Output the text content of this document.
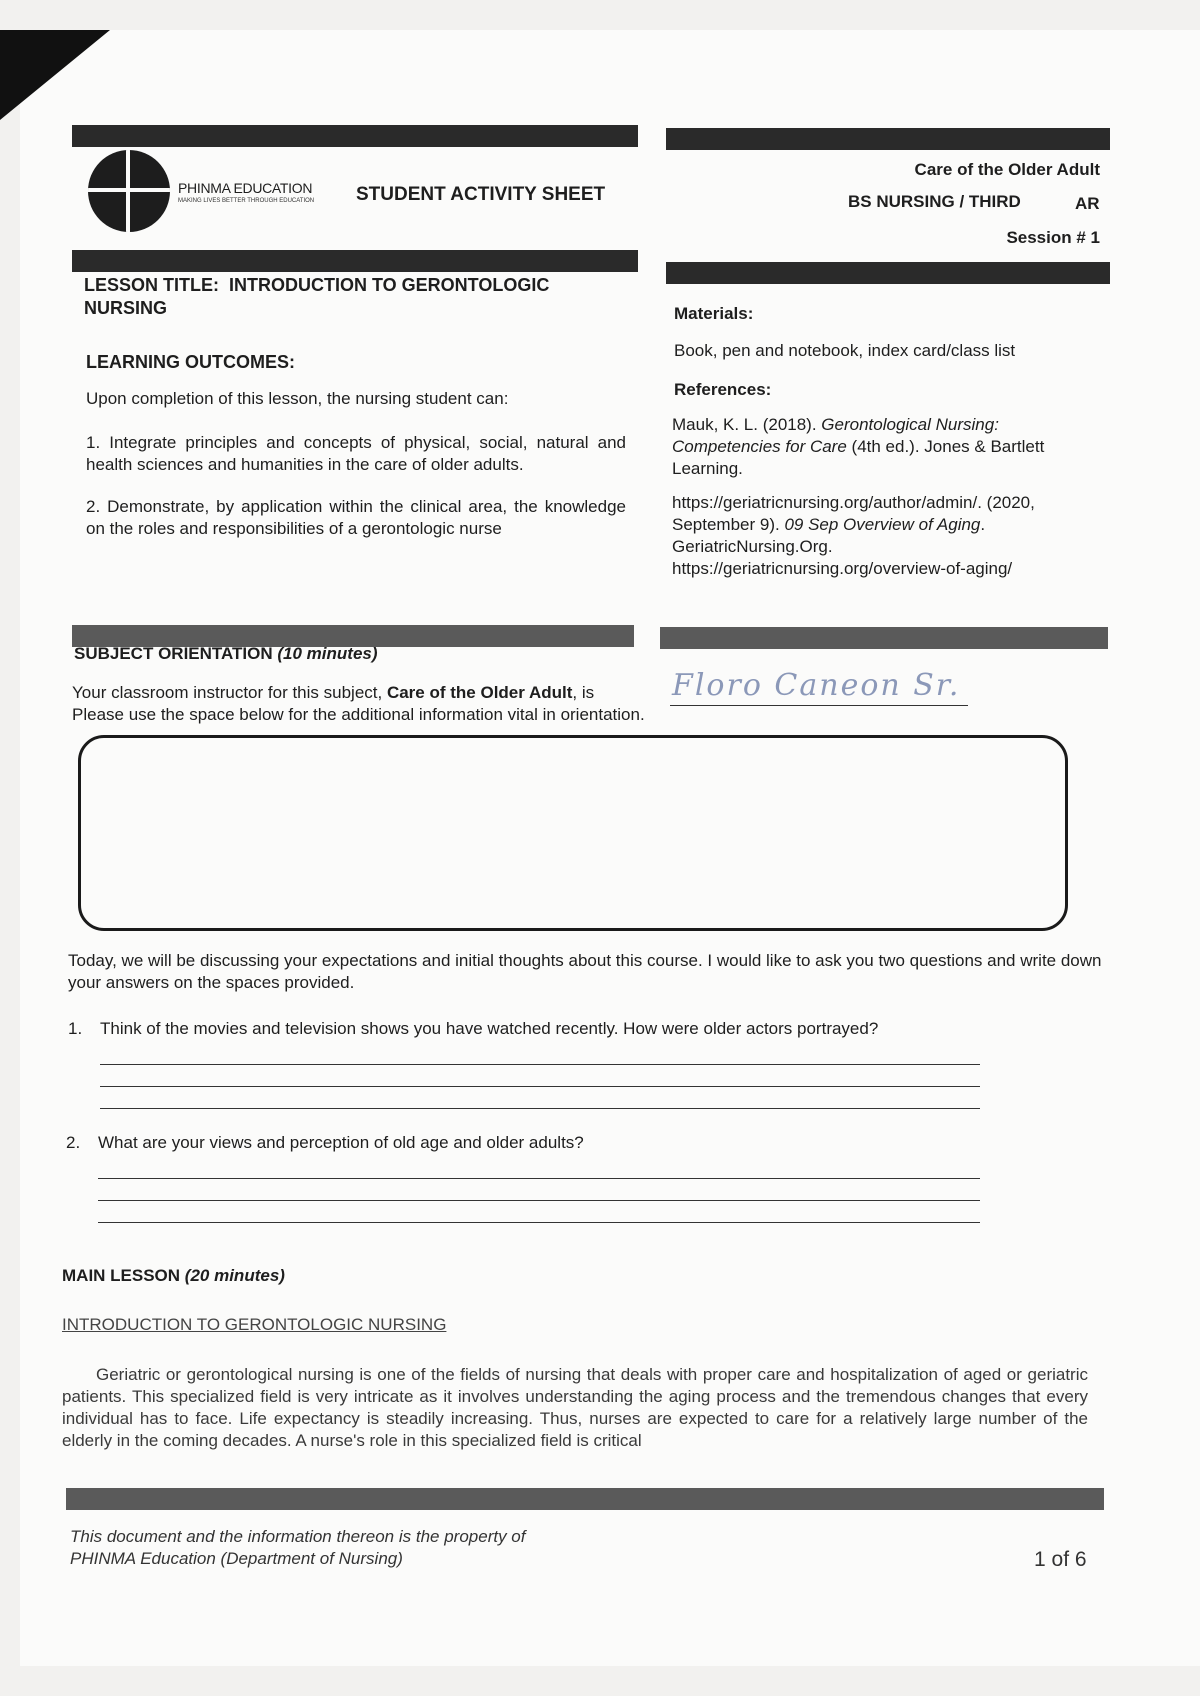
PHINMA EDUCATION
MAKING LIVES BETTER THROUGH EDUCATION STUDENT ACTIVITY SHEET
Care of the Older Adult
BS NURSING / THIRD	AR
Session # 1
LESSON TITLE: INTRODUCTION TO GERONTOLOGIC
NURSING
LEARNING OUTCOMES:
Upon completion of this lesson, the nursing student can:
1. Integrate principles and concepts of physical, social, natural and health sciences and humanities in the care of older adults.
2. Demonstrate, by application within the clinical area, the knowledge on the roles and responsibilities of a gerontologic nurse
Materials:
Book, pen and notebook, index card/class list
References:
Mauk, K. L. (2018). Gerontological Nursing: Competencies for Care (4th ed.). Jones & Bartlett Learning.
https://geriatricnursing.org/author/admin/. (2020, September 9). 09 Sep Overview of Aging. GeriatricNursing.Org.
https://geriatricnursing.org/overview-of-aging/
SUBJECT ORIENTATION (10 minutes)
Your classroom instructor for this subject, Care of the Older Adult, is	Floro Caneon Sr.
Please use the space below for the additional information vital in orientation.
Today, we will be discussing your expectations and initial thoughts about this course. I would like to ask you two questions and write down your answers on the spaces provided.
1. Think of the movies and television shows you have watched recently. How were older actors portrayed?
2. What are your views and perception of old age and older adults?
MAIN LESSON (20 minutes)
INTRODUCTION TO GERONTOLOGIC NURSING
Geriatric or gerontological nursing is one of the fields of nursing that deals with proper care and hospitalization of aged or geriatric patients. This specialized field is very intricate as it involves understanding the aging process and the tremendous changes that every individual has to face. Life expectancy is steadily increasing. Thus, nurses are expected to care for a relatively large number of the elderly in the coming decades. A nurse's role in this specialized field is critical
This document and the information thereon is the property of
PHINMA Education (Department of Nursing)	1 of 6
